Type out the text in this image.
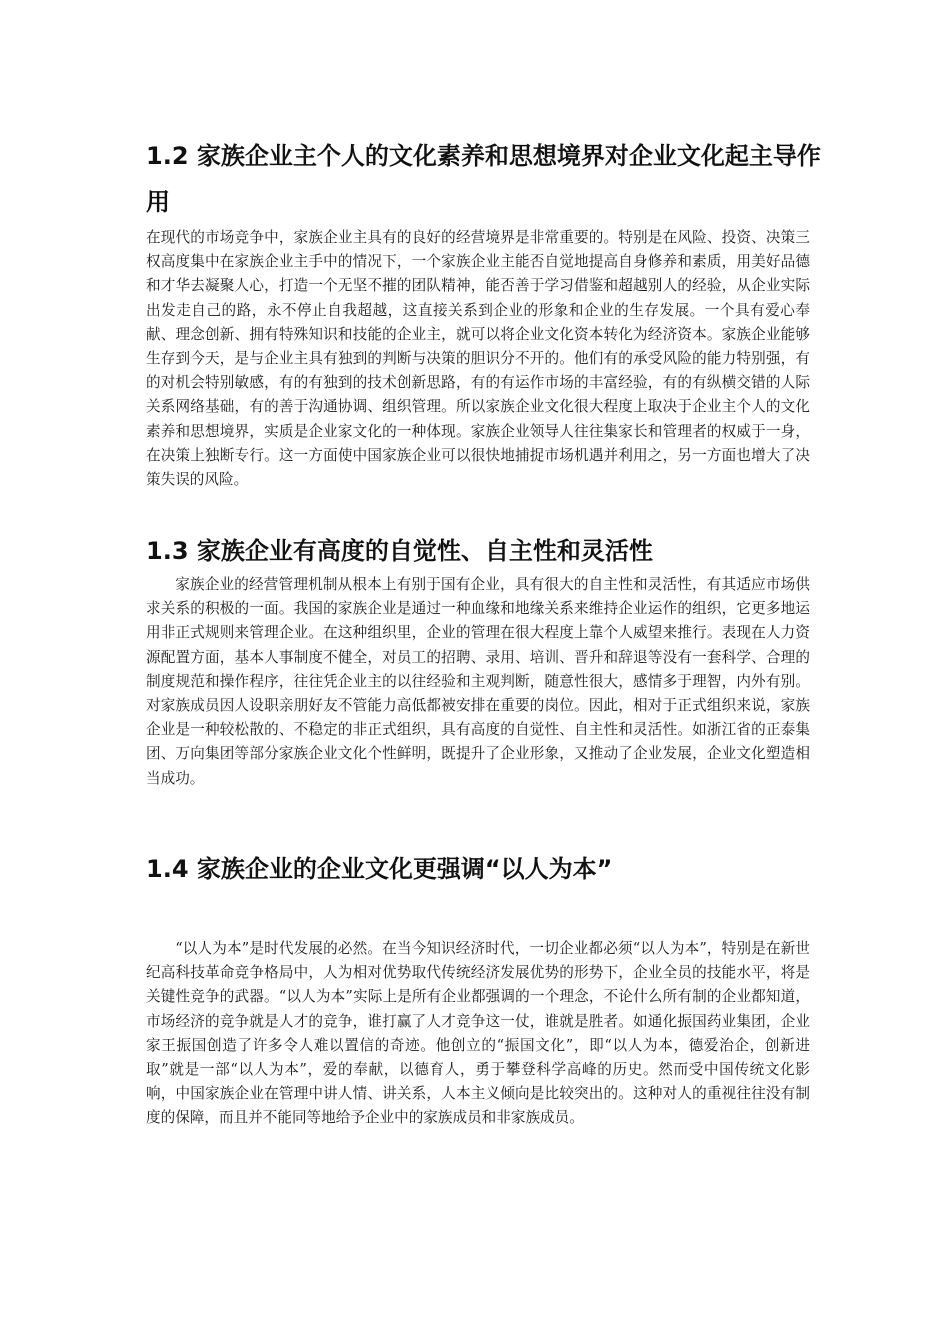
1.2 家族企业主个人的文化素养和思想境界对企业文化起主导作用

在现代的市场竞争中，家族企业主具有的良好的经营境界是非常重要的。特别是在风险、投资、决策三权高度集中在家族企业主手中的情况下，一个家族企业主能否自觉地提高自身修养和素质，用美好品德和才华去凝聚人心，打造一个无坚不摧的团队精神，能否善于学习借鉴和超越别人的经验，从企业实际出发走自己的路，永不停止自我超越，这直接关系到企业的形象和企业的生存发展。一个具有爱心奉献、理念创新、拥有特殊知识和技能的企业主，就可以将企业文化资本转化为经济资本。家族企业能够生存到今天，是与企业主具有独到的判断与决策的胆识分不开的。他们有的承受风险的能力特别强，有的对机会特别敏感，有的有独到的技术创新思路，有的有运作市场的丰富经验，有的有纵横交错的人际关系网络基础，有的善于沟通协调、组织管理。所以家族企业文化很大程度上取决于企业主个人的文化素养和思想境界，实质是企业家文化的一种体现。家族企业领导人往往集家长和管理者的权威于一身，在决策上独断专行。这一方面使中国家族企业可以很快地捕捉市场机遇并利用之，另一方面也增大了决策失误的风险。

1.3 家族企业有高度的自觉性、自主性和灵活性

家族企业的经营管理机制从根本上有别于国有企业，具有很大的自主性和灵活性，有其适应市场供求关系的积极的一面。我国的家族企业是通过一种血缘和地缘关系来维持企业运作的组织，它更多地运用非正式规则来管理企业。在这种组织里，企业的管理在很大程度上靠个人威望来推行。表现在人力资源配置方面，基本人事制度不健全，对员工的招聘、录用、培训、晋升和辞退等没有一套科学、合理的制度规范和操作程序，往往凭企业主的以往经验和主观判断，随意性很大，感情多于理智，内外有别。对家族成员因人设职亲朋好友不管能力高低都被安排在重要的岗位。因此，相对于正式组织来说，家族企业是一种较松散的、不稳定的非正式组织，具有高度的自觉性、自主性和灵活性。如浙江省的正泰集团、万向集团等部分家族企业文化个性鲜明，既提升了企业形象，又推动了企业发展，企业文化塑造相当成功。

1.4 家族企业的企业文化更强调“以人为本”

“以人为本”是时代发展的必然。在当今知识经济时代，一切企业都必须“以人为本”，特别是在新世纪高科技革命竞争格局中，人为相对优势取代传统经济发展优势的形势下，企业全员的技能水平，将是关键性竞争的武器。“以人为本”实际上是所有企业都强调的一个理念，不论什么所有制的企业都知道，市场经济的竞争就是人才的竞争，谁打赢了人才竞争这一仗，谁就是胜者。如通化振国药业集团，企业家王振国创造了许多令人难以置信的奇迹。他创立的“振国文化”，即“以人为本，德爱治企，创新进取”就是一部“以人为本”，爱的奉献，以德育人，勇于攀登科学高峰的历史。然而受中国传统文化影响，中国家族企业在管理中讲人情、讲关系，人本主义倾向是比较突出的。这种对人的重视往往没有制度的保障，而且并不能同等地给予企业中的家族成员和非家族成员。
